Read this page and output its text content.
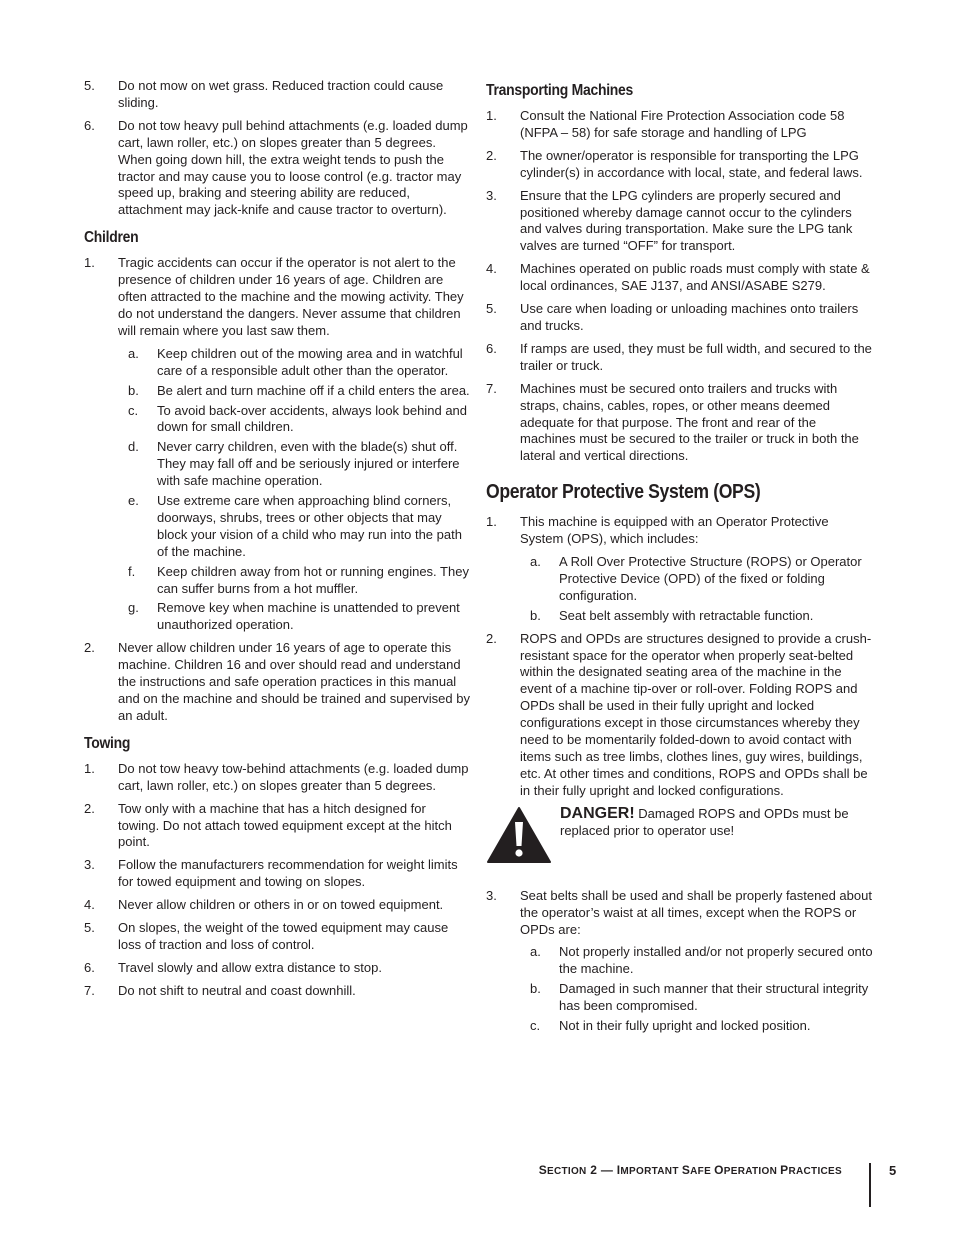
5. Do not mow on wet grass. Reduced traction could cause sliding.
6. Do not tow heavy pull behind attachments (e.g. loaded dump cart, lawn roller, etc.) on slopes greater than 5 degrees. When going down hill, the extra weight tends to push the tractor and may cause you to loose control (e.g. tractor may speed up, braking and steering ability are reduced, attachment may jack-knife and cause tractor to overturn).
Children
1. Tragic accidents can occur if the operator is not alert to the presence of children under 16 years of age. Children are often attracted to the machine and the mowing activity. They do not understand the dangers. Never assume that children will remain where you last saw them.
a. Keep children out of the mowing area and in watchful care of a responsible adult other than the operator.
b. Be alert and turn machine off if a child enters the area.
c. To avoid back-over accidents, always look behind and down for small children.
d. Never carry children, even with the blade(s) shut off. They may fall off and be seriously injured or interfere with safe machine operation.
e. Use extreme care when approaching blind corners, doorways, shrubs, trees or other objects that may block your vision of a child who may run into the path of the machine.
f. Keep children away from hot or running engines. They can suffer burns from a hot muffler.
g. Remove key when machine is unattended to prevent unauthorized operation.
2. Never allow children under 16 years of age to operate this machine. Children 16 and over should read and understand the instructions and safe operation practices in this manual and on the machine and should be trained and supervised by an adult.
Towing
1. Do not tow heavy tow-behind attachments (e.g. loaded dump cart, lawn roller, etc.) on slopes greater than 5 degrees.
2. Tow only with a machine that has a hitch designed for towing. Do not attach towed equipment except at the hitch point.
3. Follow the manufacturers recommendation for weight limits for towed equipment and towing on slopes.
4. Never allow children or others in or on towed equipment.
5. On slopes, the weight of the towed equipment may cause loss of traction and loss of control.
6. Travel slowly and allow extra distance to stop.
7. Do not shift to neutral and coast downhill.
Transporting Machines
1. Consult the National Fire Protection Association code 58 (NFPA – 58) for safe storage and handling of LPG
2. The owner/operator is responsible for transporting the LPG cylinder(s) in accordance with local, state, and federal laws.
3. Ensure that the LPG cylinders are properly secured and positioned whereby damage cannot occur to the cylinders and valves during transportation. Make sure the LPG tank valves are turned “OFF” for transport.
4. Machines operated on public roads must comply with state & local ordinances, SAE J137, and ANSI/ASABE S279.
5. Use care when loading or unloading machines onto trailers and trucks.
6. If ramps are used, they must be full width, and secured to the trailer or truck.
7. Machines must be secured onto trailers and trucks with straps, chains, cables, ropes, or other means deemed adequate for that purpose. The front and rear of the machines must be secured to the trailer or truck in both the lateral and vertical directions.
Operator Protective System (OPS)
1. This machine is equipped with an Operator Protective System (OPS), which includes:
a. A Roll Over Protective Structure (ROPS) or Operator Protective Device (OPD) of the fixed or folding configuration.
b. Seat belt assembly with retractable function.
2. ROPS and OPDs are structures designed to provide a crush-resistant space for the operator when properly seat-belted within the designated seating area of the machine in the event of a machine tip-over or roll-over. Folding ROPS and OPDs shall be used in their fully upright and locked configurations except in those circumstances whereby they need to be momentarily folded-down to avoid contact with items such as tree limbs, clothes lines, guy wires, buildings, etc. At other times and conditions, ROPS and OPDs shall be in their fully upright and locked configurations.
DANGER! Damaged ROPS and OPDs must be replaced prior to operator use!
3. Seat belts shall be used and shall be properly fastened about the operator’s waist at all times, except when the ROPS or OPDs are:
a. Not properly installed and/or not properly secured onto the machine.
b. Damaged in such manner that their structural integrity has been compromised.
c. Not in their fully upright and locked position.
SECTION 2 — IMPORTANT SAFE OPERATION PRACTICES	5
